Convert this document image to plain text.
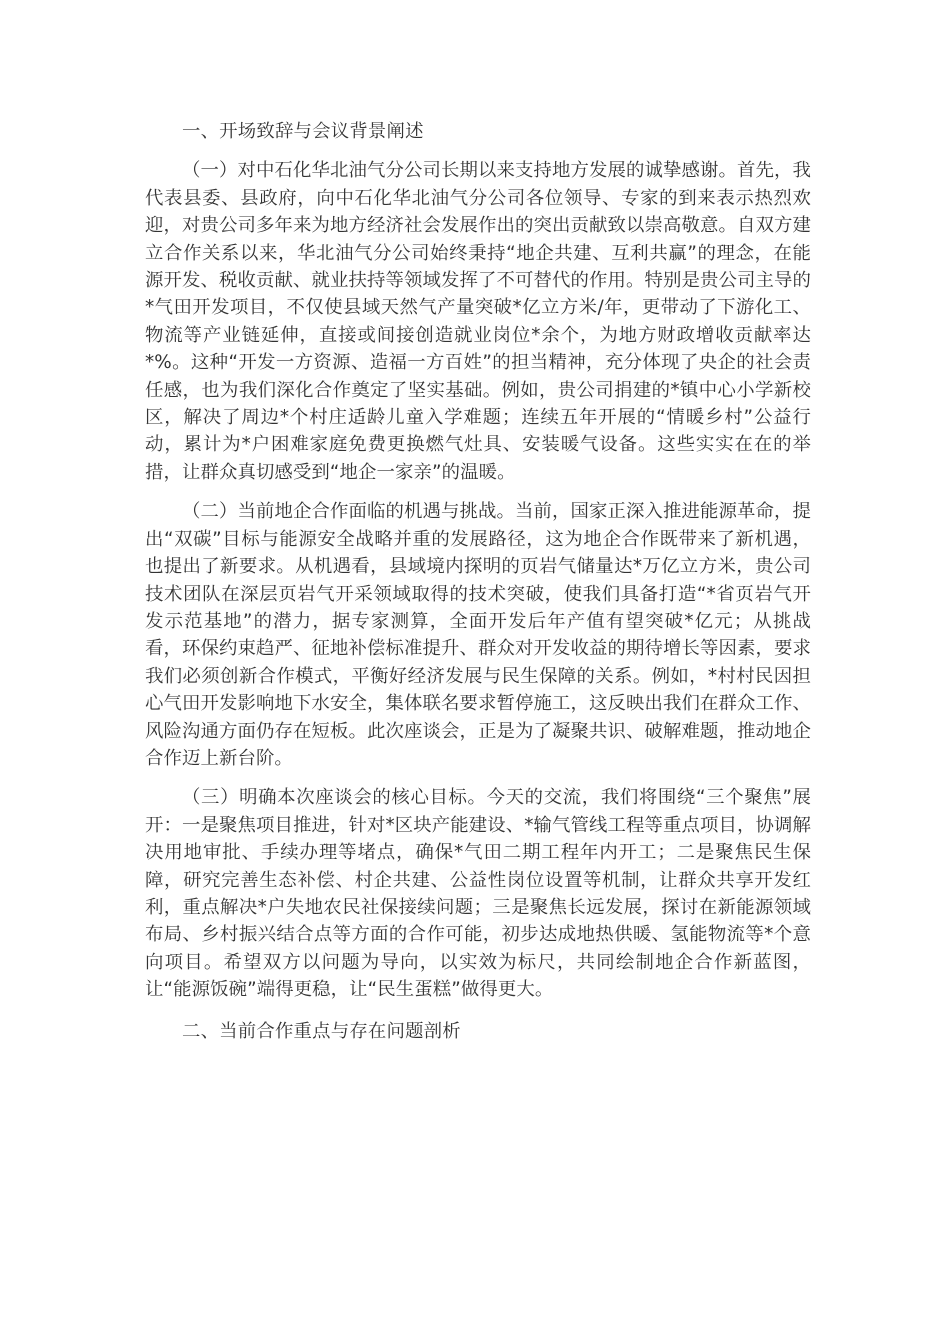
一、开场致辞与会议背景阐述

（一）对中石化华北油气分公司长期以来支持地方发展的诚挚感谢。首先，我代表县委、县政府，向中石化华北油气分公司各位领导、专家的到来表示热烈欢迎，对贵公司多年来为地方经济社会发展作出的突出贡献致以崇高敬意。自双方建立合作关系以来，华北油气分公司始终秉持“地企共建、互利共赢”的理念，在能源开发、税收贡献、就业扶持等领域发挥了不可替代的作用。特别是贵公司主导的*气田开发项目，不仅使县域天然气产量突破*亿立方米/年，更带动了下游化工、物流等产业链延伸，直接或间接创造就业岗位*余个，为地方财政增收贡献率达*%。这种“开发一方资源、造福一方百姓”的担当精神，充分体现了央企的社会责任感，也为我们深化合作奠定了坚实基础。例如，贵公司捐建的*镇中心小学新校区，解决了周边*个村庄适龄儿童入学难题；连续五年开展的“情暖乡村”公益行动，累计为*户困难家庭免费更换燃气灶具、安装暖气设备。这些实实在在的举措，让群众真切感受到“地企一家亲”的温暖。

（二）当前地企合作面临的机遇与挑战。当前，国家正深入推进能源革命，提出“双碳”目标与能源安全战略并重的发展路径，这为地企合作既带来了新机遇，也提出了新要求。从机遇看，县域境内探明的页岩气储量达*万亿立方米，贵公司技术团队在深层页岩气开采领域取得的技术突破，使我们具备打造“*省页岩气开发示范基地”的潜力，据专家测算，全面开发后年产值有望突破*亿元；从挑战看，环保约束趋严、征地补偿标准提升、群众对开发收益的期待增长等因素，要求我们必须创新合作模式，平衡好经济发展与民生保障的关系。例如，*村村民因担心气田开发影响地下水安全，集体联名要求暂停施工，这反映出我们在群众工作、风险沟通方面仍存在短板。此次座谈会，正是为了凝聚共识、破解难题，推动地企合作迈上新台阶。

（三）明确本次座谈会的核心目标。今天的交流，我们将围绕“三个聚焦”展开：一是聚焦项目推进，针对*区块产能建设、*输气管线工程等重点项目，协调解决用地审批、手续办理等堵点，确保*气田二期工程年内开工；二是聚焦民生保障，研究完善生态补偿、村企共建、公益性岗位设置等机制，让群众共享开发红利，重点解决*户失地农民社保接续问题；三是聚焦长远发展，探讨在新能源领域布局、乡村振兴结合点等方面的合作可能，初步达成地热供暖、氢能物流等*个意向项目。希望双方以问题为导向，以实效为标尺，共同绘制地企合作新蓝图，让“能源饭碗”端得更稳，让“民生蛋糕”做得更大。

二、当前合作重点与存在问题剖析
